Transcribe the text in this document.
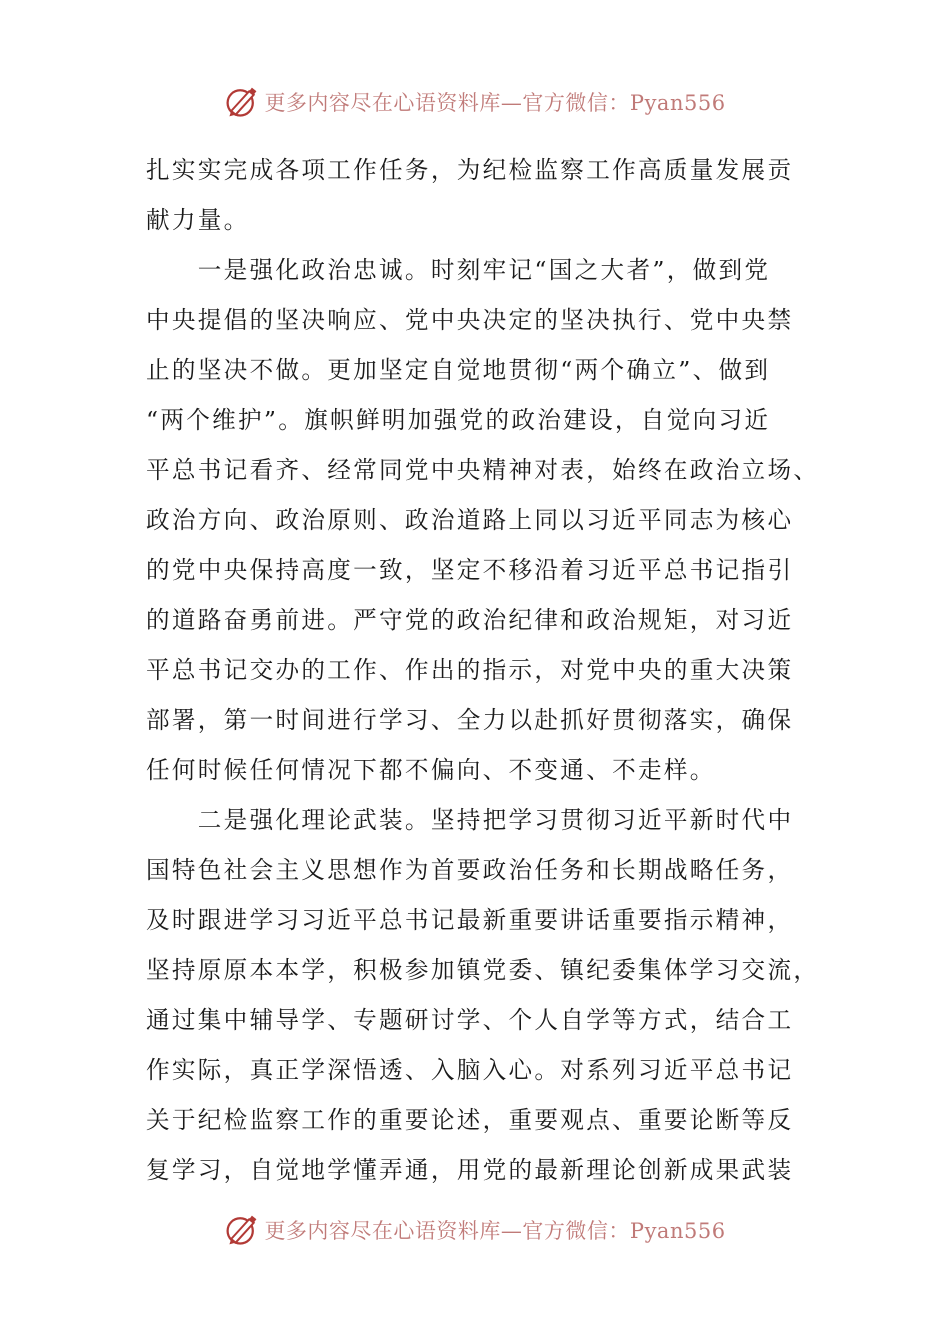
更多内容尽在心语资料库—官方微信：Pyan556
扎实实完成各项工作任务，为纪检监察工作高质量发展贡
献力量。
　　一是强化政治忠诚。时刻牢记“国之大者”，做到党
中央提倡的坚决响应、党中央决定的坚决执行、党中央禁
止的坚决不做。更加坚定自觉地贯彻“两个确立”、做到
“两个维护”。旗帜鲜明加强党的政治建设，自觉向习近
平总书记看齐、经常同党中央精神对表，始终在政治立场、
政治方向、政治原则、政治道路上同以习近平同志为核心
的党中央保持高度一致，坚定不移沿着习近平总书记指引
的道路奋勇前进。严守党的政治纪律和政治规矩，对习近
平总书记交办的工作、作出的指示，对党中央的重大决策
部署，第一时间进行学习、全力以赴抓好贯彻落实，确保
任何时候任何情况下都不偏向、不变通、不走样。
　　二是强化理论武装。坚持把学习贯彻习近平新时代中
国特色社会主义思想作为首要政治任务和长期战略任务，
及时跟进学习习近平总书记最新重要讲话重要指示精神，
坚持原原本本学，积极参加镇党委、镇纪委集体学习交流，
通过集中辅导学、专题研讨学、个人自学等方式，结合工
作实际，真正学深悟透、入脑入心。对系列习近平总书记
关于纪检监察工作的重要论述，重要观点、重要论断等反
复学习，自觉地学懂弄通，用党的最新理论创新成果武装
更多内容尽在心语资料库—官方微信：Pyan556
